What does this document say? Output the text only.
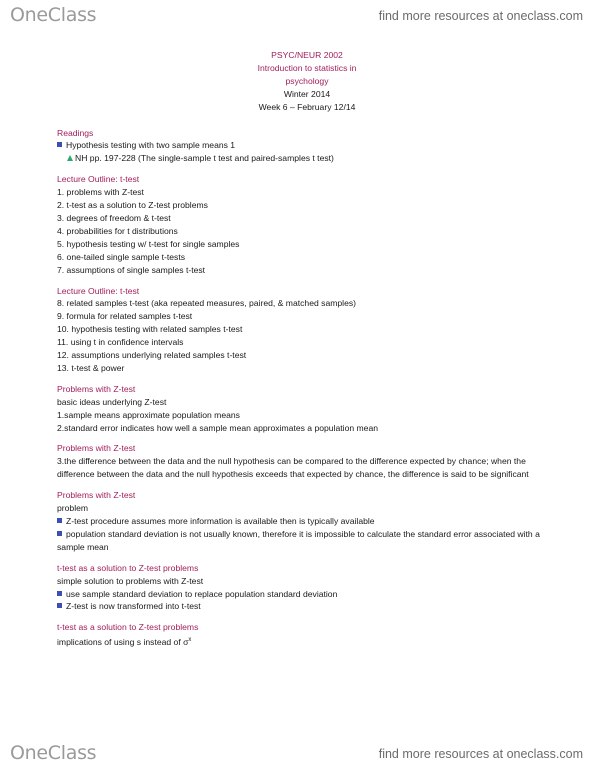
OneClass	find more resources at oneclass.com
PSYC/NEUR 2002
Introduction to statistics in
psychology
Winter 2014
Week 6 – February 12/14
Readings
Hypothesis testing with two sample means 1
NH pp. 197-228 (The single-sample t test and paired-samples t test)
Lecture Outline: t-test
1. problems with Z-test
2. t-test as a solution to Z-test problems
3. degrees of freedom & t-test
4. probabilities for t distributions
5. hypothesis testing w/ t-test for single samples
6. one-tailed single sample t-tests
7. assumptions of single samples t-test
Lecture Outline: t-test
8. related samples t-test (aka repeated measures, paired, & matched samples)
9. formula for related samples t-test
10. hypothesis testing with related samples t-test
11. using t in confidence intervals
12. assumptions underlying related samples t-test
13. t-test & power
Problems with Z-test
basic ideas underlying Z-test
1.sample means approximate population means
2.standard error indicates how well a sample mean approximates a population mean
Problems with Z-test
3.the difference between the data and the null hypothesis can be compared to the difference expected by chance; when the difference between the data and the null hypothesis exceeds that expected by chance, the difference is said to be significant
Problems with Z-test
problem
Z-test procedure assumes more information is available then is typically available
population standard deviation is not usually known, therefore it is impossible to calculate the standard error associated with a sample mean
t-test as a solution to Z-test problems
simple solution to problems with Z-test
use sample standard deviation to replace population standard deviation
Z-test is now transformed into t-test
t-test as a solution to Z-test problems
implications of using s instead of $\sigma^x$
OneClass	find more resources at oneclass.com
